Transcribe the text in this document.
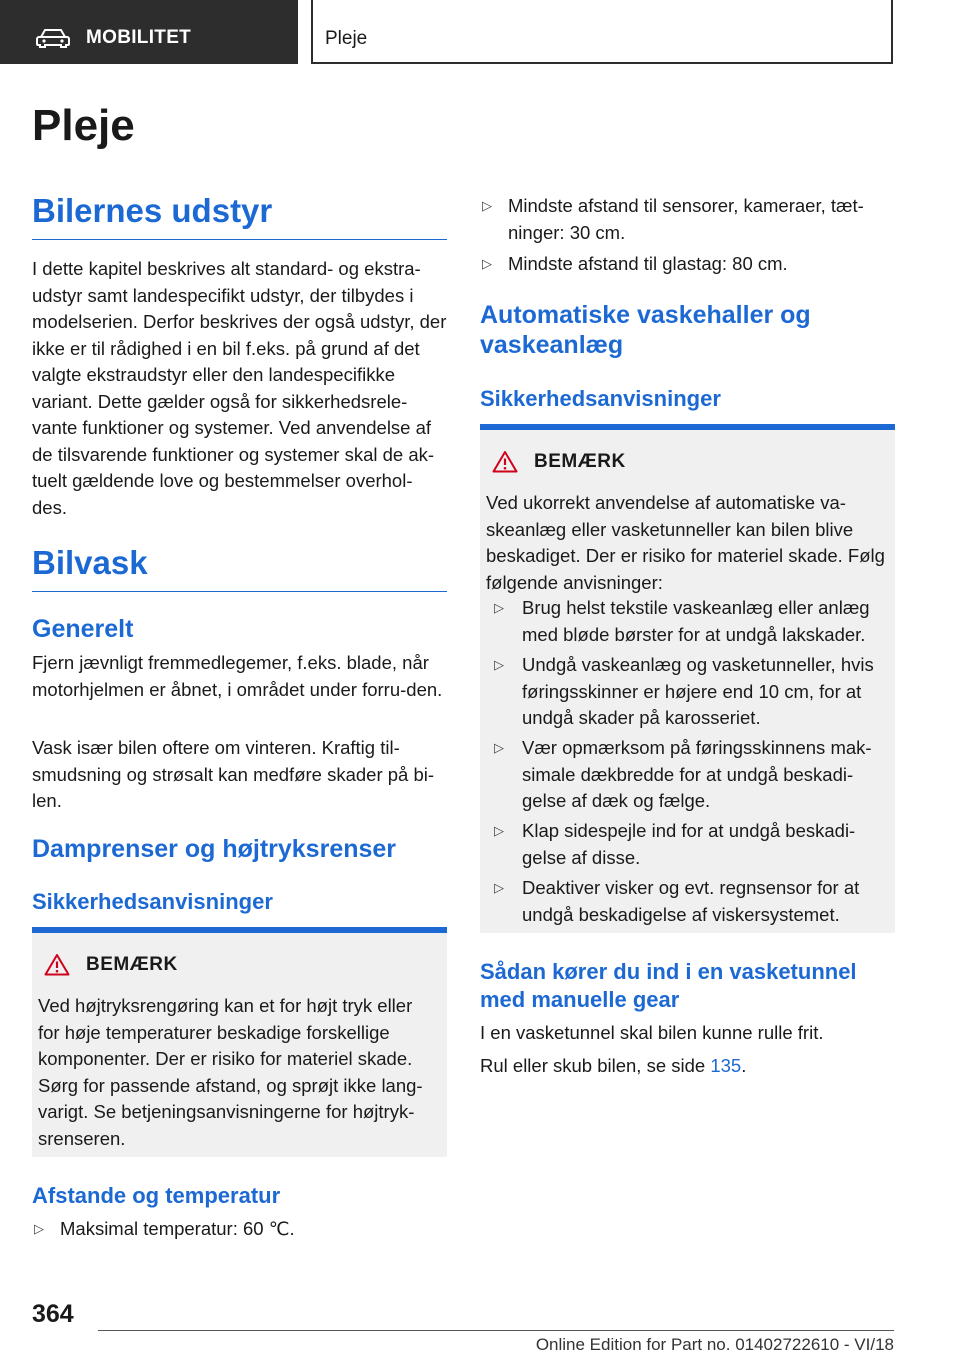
MOBILITET	Pleje
Pleje
Bilernes udstyr

I dette kapitel beskrives alt standard- og ekstra-udstyr samt landespecifikt udstyr, der tilbydes i modelserien. Derfor beskrives der også udstyr, der ikke er til rådighed i en bil f.eks. på grund af det valgte ekstraudstyr eller den landespecifikke variant. Dette gælder også for sikkerhedsrele-vante funktioner og systemer. Ved anvendelse af de tilsvarende funktioner og systemer skal de ak-tuelt gældende love og bestemmelser overhol-des.

Bilvask
Generelt

Fjern jævnligt fremmedlegemer, f.eks. blade, når motorhjelmen er åbnet, i området under forru-den.

Vask især bilen oftere om vinteren. Kraftig til-smudsning og strøsalt kan medføre skader på bi-len.

Damprenser og højtryksrenser
Sikkerhedsanvisninger
BEMÆRK

Ved højtryksrengøring kan et for højt tryk eller for høje temperaturer beskadige forskellige komponenter. Der er risiko for materiel skade. Sørg for passende afstand, og sprøjt ikke lang-varigt. Se betjeningsanvisningerne for højtryk-srenseren.

Afstande og temperatur
▷ Maksimal temperatur: 60 ℃.
▷ Mindste afstand til sensorer, kameraer, tæt-ninger: 30 cm.
▷ Mindste afstand til glastag: 80 cm.
Automatiske vaskehaller og vaskeanlæg
Sikkerhedsanvisninger
BEMÆRK

Ved ukorrekt anvendelse af automatiske va-skeanlæg eller vasketunneller kan bilen blive beskadiget. Der er risiko for materiel skade. Følg følgende anvisninger:

▷ Brug helst tekstile vaskeanlæg eller anlæg med bløde børster for at undgå lakskader.
▷ Undgå vaskeanlæg og vasketunneller, hvis føringsskinner er højere end 10 cm, for at undgå skader på karosseriet.
▷ Vær opmærksom på føringsskinnens mak-simale dækbredde for at undgå beskadi-gelse af dæk og fælge.
▷ Klap sidespejle ind for at undgå beskadi-gelse af disse.
▷ Deaktiver visker og evt. regnsensor for at undgå beskadigelse af viskersystemet.
Sådan kører du ind i en vasketunnel med manuelle gear

I en vasketunnel skal bilen kunne rulle frit.

Rul eller skub bilen, se side 135.

364
Online Edition for Part no. 01402722610 - VI/18
